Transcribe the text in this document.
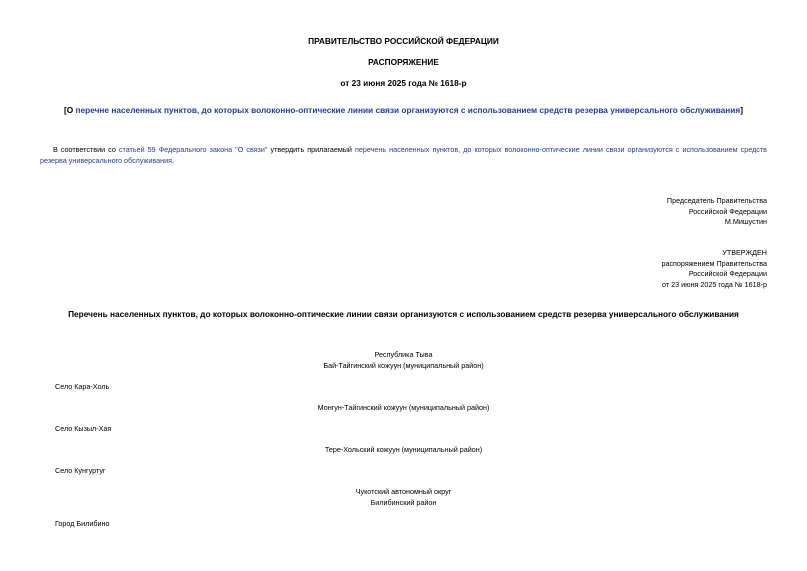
ПРАВИТЕЛЬСТВО РОССИЙСКОЙ ФЕДЕРАЦИИ
РАСПОРЯЖЕНИЕ
от 23 июня 2025 года № 1618-р
[О перечне населенных пунктов, до которых волоконно-оптические линии связи организуются с использованием средств резерва универсального обслуживания]
В соответствии со статьей 59 Федерального закона "О связи" утвердить прилагаемый перечень населенных пунктов, до которых волоконно-оптические линии связи организуются с использованием средств резерва универсального обслуживания.
Председатель Правительства
Российской Федерации
М.Мишустин
УТВЕРЖДЕН
распоряжением Правительства
Российской Федерации
от 23 июня 2025 года № 1618-р
Перечень населенных пунктов, до которых волоконно-оптические линии связи организуются с использованием средств резерва универсального обслуживания
Республика Тыва
Бай-Тайгинский кожуун (муниципальный район)
Село Кара-Холь
Монгун-Тайгинский кожуун (муниципальный район)
Село Кызыл-Хая
Тере-Хольский кожуун (муниципальный район)
Село Кунгуртуг
Чукотский автономный округ
Билибинский район
Город Билибино
